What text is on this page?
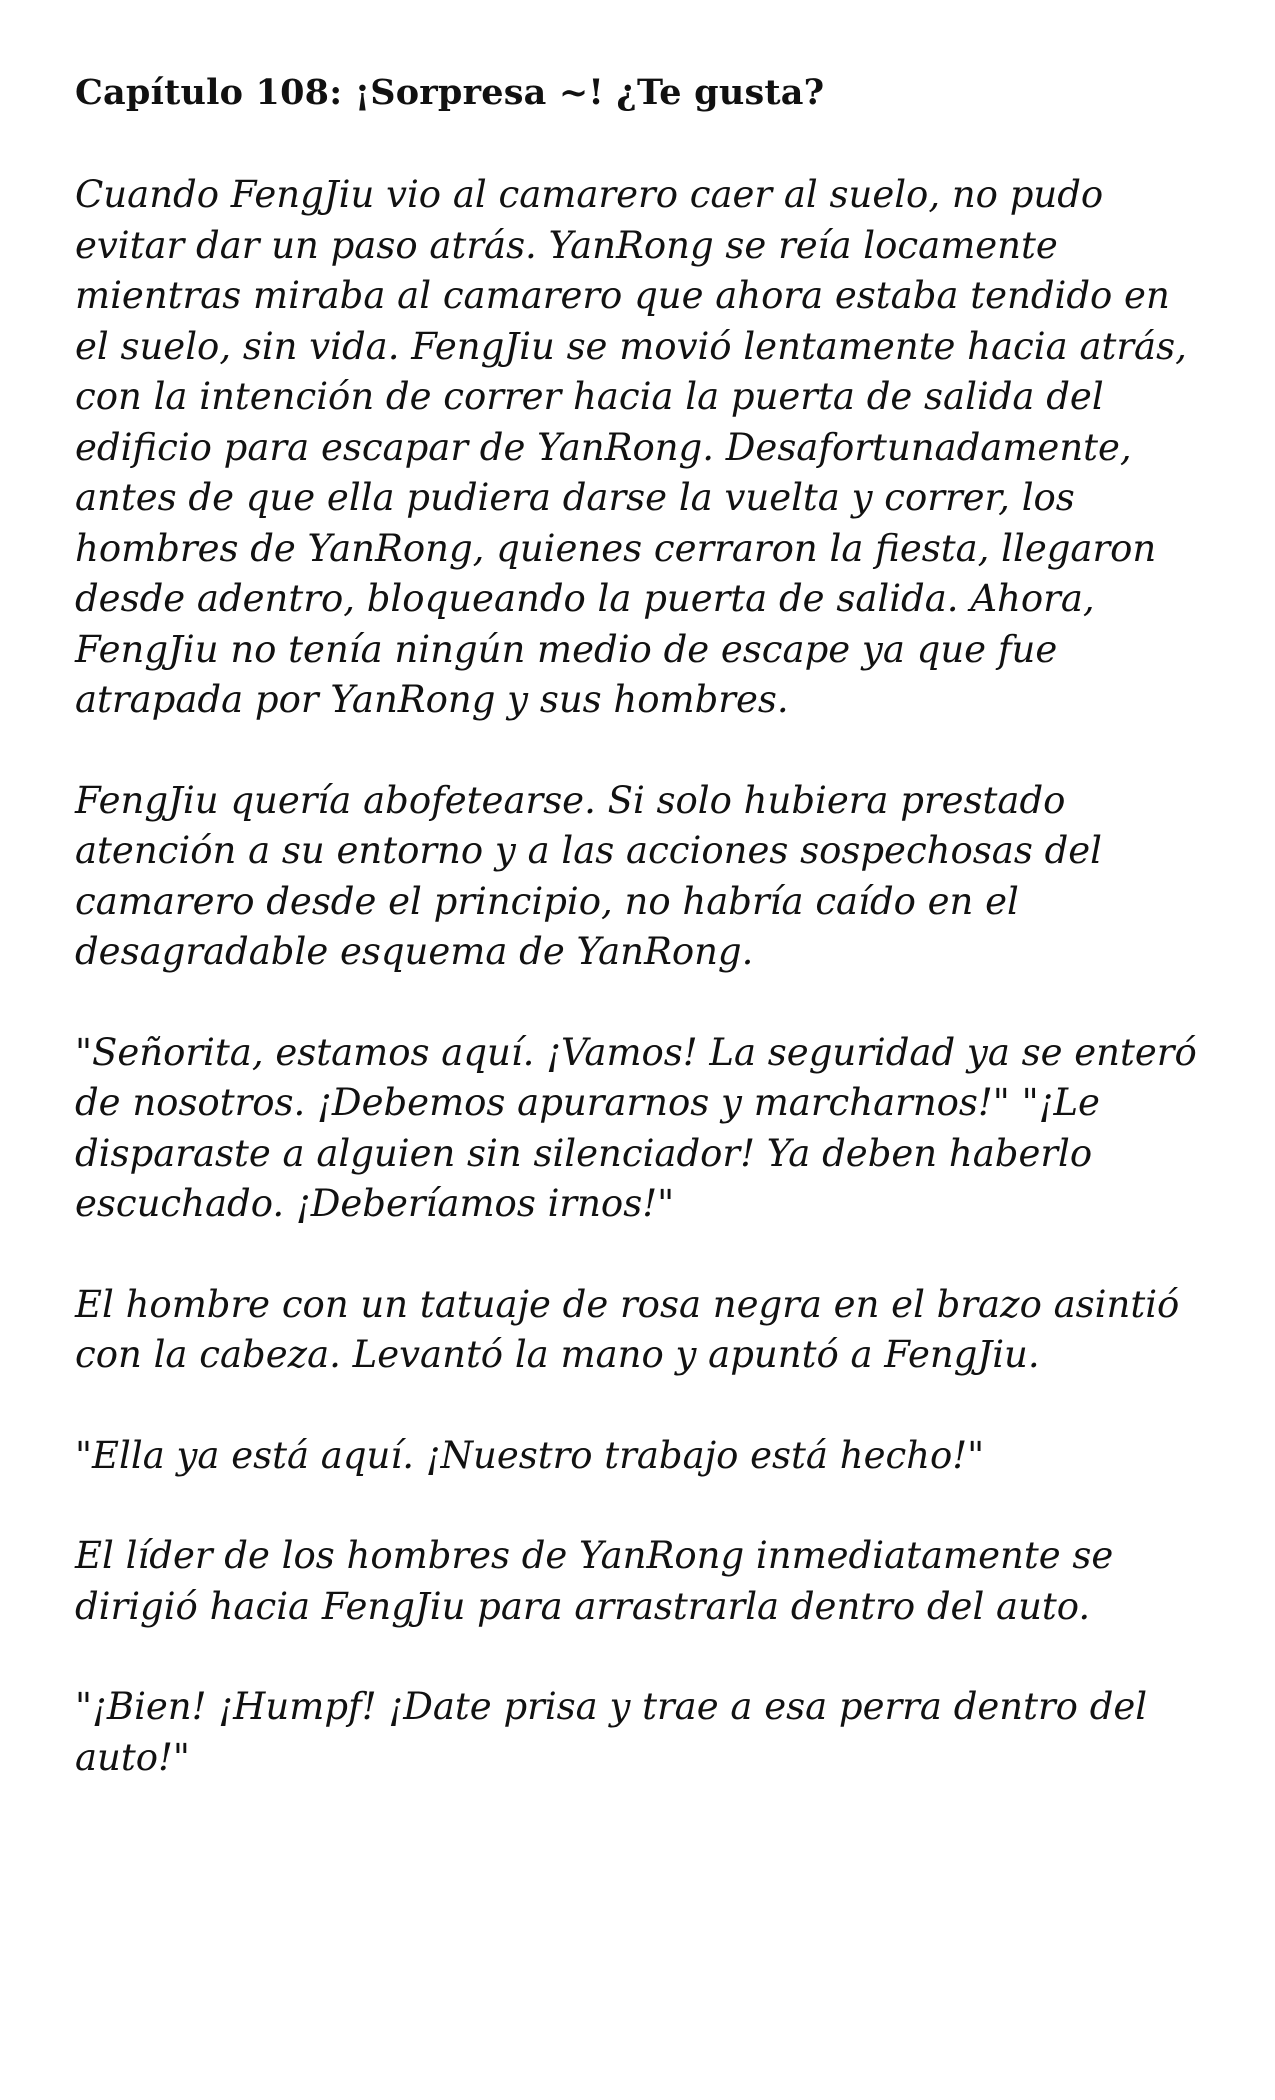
Capítulo 108: ¡Sorpresa ~! ¿Te gusta?

Cuando FengJiu vio al camarero caer al suelo, no pudo evitar dar un paso atrás. YanRong se reía locamente mientras miraba al camarero que ahora estaba tendido en el suelo, sin vida. FengJiu se movió lentamente hacia atrás, con la intención de correr hacia la puerta de salida del edificio para escapar de YanRong. Desafortunadamente, antes de que ella pudiera darse la vuelta y correr, los hombres de YanRong, quienes cerraron la fiesta, llegaron desde adentro, bloqueando la puerta de salida. Ahora, FengJiu no tenía ningún medio de escape ya que fue atrapada por YanRong y sus hombres.

FengJiu quería abofetearse. Si solo hubiera prestado atención a su entorno y a las acciones sospechosas del camarero desde el principio, no habría caído en el desagradable esquema de YanRong.

"Señorita, estamos aquí. ¡Vamos! La seguridad ya se enteró de nosotros. ¡Debemos apurarnos y marcharnos!" "¡Le disparaste a alguien sin silenciador! Ya deben haberlo escuchado. ¡Deberíamos irnos!"

El hombre con un tatuaje de rosa negra en el brazo asintió con la cabeza. Levantó la mano y apuntó a FengJiu.

"Ella ya está aquí. ¡Nuestro trabajo está hecho!"

El líder de los hombres de YanRong inmediatamente se dirigió hacia FengJiu para arrastrarla dentro del auto.

"¡Bien! ¡Humpf! ¡Date prisa y trae a esa perra dentro del auto!"
